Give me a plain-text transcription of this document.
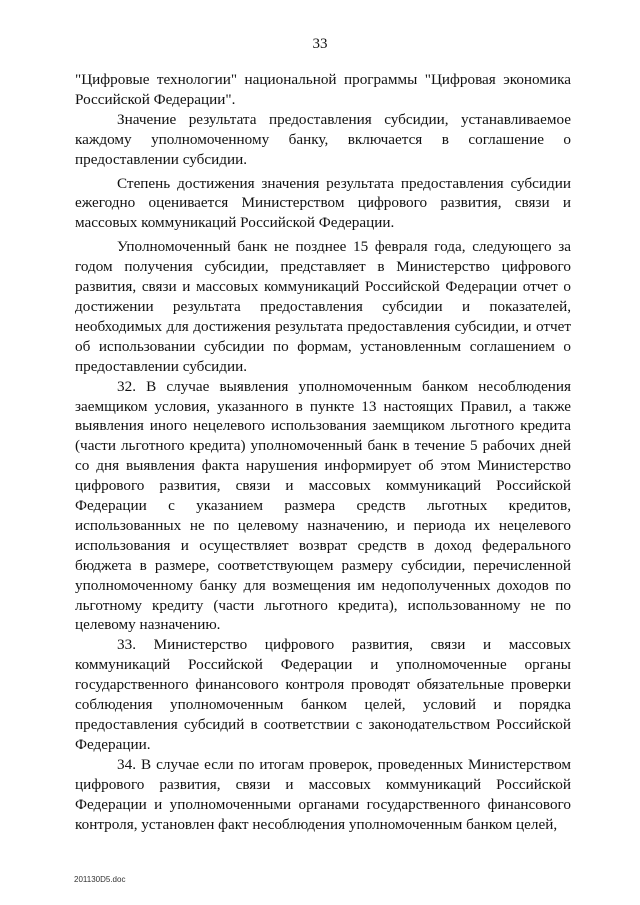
33

"Цифровые технологии" национальной программы "Цифровая экономика Российской Федерации".

Значение результата предоставления субсидии, устанавливаемое каждому уполномоченному банку, включается в соглашение о предоставлении субсидии.

Степень достижения значения результата предоставления субсидии ежегодно оценивается Министерством цифрового развития, связи и массовых коммуникаций Российской Федерации.

Уполномоченный банк не позднее 15 февраля года, следующего за годом получения субсидии, представляет в Министерство цифрового развития, связи и массовых коммуникаций Российской Федерации отчет о достижении результата предоставления субсидии и показателей, необходимых для достижения результата предоставления субсидии, и отчет об использовании субсидии по формам, установленным соглашением о предоставлении субсидии.

32. В случае выявления уполномоченным банком несоблюдения заемщиком условия, указанного в пункте 13 настоящих Правил, а также выявления иного нецелевого использования заемщиком льготного кредита (части льготного кредита) уполномоченный банк в течение 5 рабочих дней со дня выявления факта нарушения информирует об этом Министерство цифрового развития, связи и массовых коммуникаций Российской Федерации с указанием размера средств льготных кредитов, использованных не по целевому назначению, и периода их нецелевого использования и осуществляет возврат средств в доход федерального бюджета в размере, соответствующем размеру субсидии, перечисленной уполномоченному банку для возмещения им недополученных доходов по льготному кредиту (части льготного кредита), использованному не по целевому назначению.

33. Министерство цифрового развития, связи и массовых коммуникаций Российской Федерации и уполномоченные органы государственного финансового контроля проводят обязательные проверки соблюдения уполномоченным банком целей, условий и порядка предоставления субсидий в соответствии с законодательством Российской Федерации.

34. В случае если по итогам проверок, проведенных Министерством цифрового развития, связи и массовых коммуникаций Российской Федерации и уполномоченными органами государственного финансового контроля, установлен факт несоблюдения уполномоченным банком целей,

201130D5.doc
